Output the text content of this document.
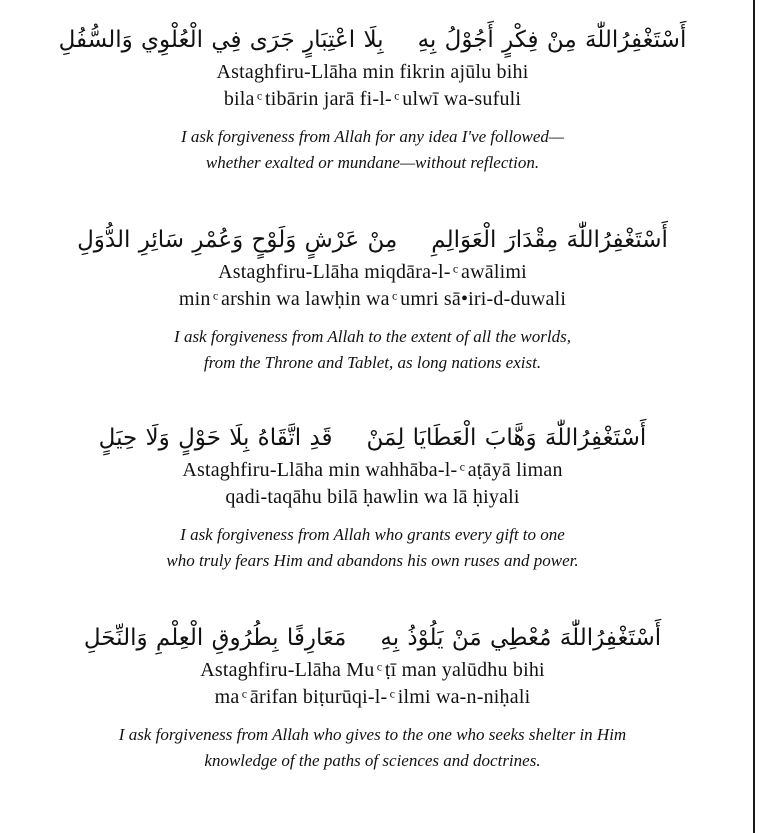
أَسْتَغْفِرُاللّٰهَ مِنْ فِكْرٍ أَجُوْلُ بِهِبِلَا اعْتِبَارٍ جَرَى فِي الْعُلْوِي وَالسُّفُلِ
Astaghfiru-Llāha min fikrin ajūlu bihi
bila ͨ tibārin jarā fi-l- ͨ ulwī wa-sufuli
I ask forgiveness from Allah for any idea I've followed—
whether exalted or mundane—without reflection.
أَسْتَغْفِرُاللّٰهَ مِقْدَارَ الْعَوَالِمِمِنْ عَرْشٍ وَلَوْحٍ وَعُمْرِ سَائِرِ الدُّوَلِ
Astaghfiru-Llāha miqdāra-l- ͨ awālimi
min ͨ arshin wa lawḥin wa ͨ umri sā•iri-d-duwali
I ask forgiveness from Allah to the extent of all the worlds,
from the Throne and Tablet, as long nations exist.
أَسْتَغْفِرُاللّٰهَ وَهَّابَ الْعَطَايَا لِمَنْقَدِ اتَّقَاهُ بِلَا حَوْلٍ وَلَا حِيَلٍ
Astaghfiru-Llāha min wahhāba-l- ͨ aṭāyā liman
qadi-taqāhu bilā ḥawlin wa lā ḥiyali
I ask forgiveness from Allah who grants every gift to one
who truly fears Him and abandons his own ruses and power.
أَسْتَغْفِرُاللّٰهَ مُعْطِي مَنْ يَلُوْذُ بِهِمَعَارِفًا بِطُرُوقِ الْعِلْمِ وَالنِّحَلِ
Astaghfiru-Llāha Mu ͨ ṭī man yalūdhu bihi
ma ͨ ārifan biṭurūqi-l- ͨ ilmi wa-n-niḥali
I ask forgiveness from Allah who gives to the one who seeks shelter in Him
knowledge of the paths of sciences and doctrines.
